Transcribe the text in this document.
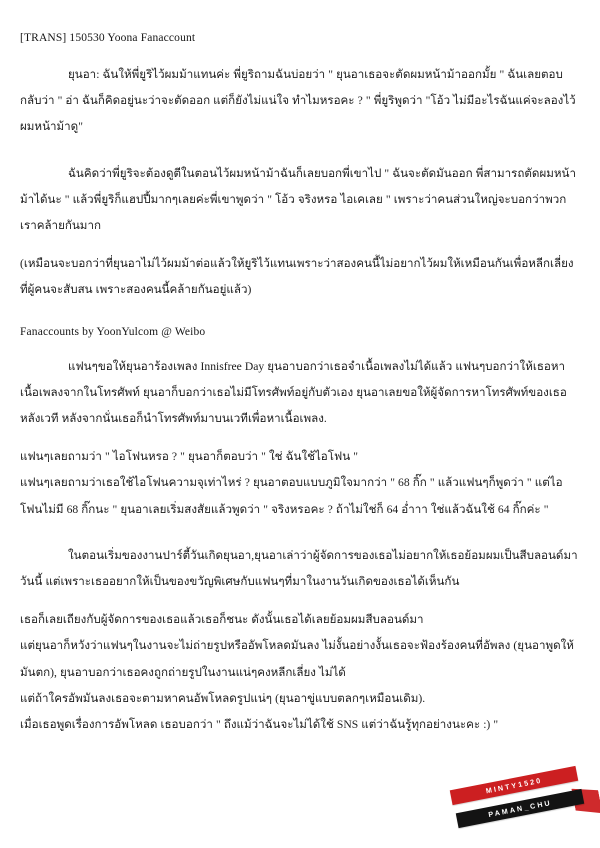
[TRANS] 150530 Yoona Fanaccount
ยุนอา: ฉันให้พี่ยูริไว้ผมม้าแทนค่ะ พี่ยูริถามฉันบ่อยว่า " ยุนอาเธอจะตัดผมหน้าม้าออกมั้ย " ฉันเลยตอบกลับว่า " อ่า ฉันก็คิดอยู่นะว่าจะตัดออก แต่ก็ยังไม่แน่ใจ ทำไมหรอคะ ? " พี่ยูริพูดว่า "โอ้ว ไม่มีอะไรฉันแค่จะลองไว้ผมหน้าม้าดู"
ฉันคิดว่าพี่ยูริจะต้องดูตีในตอนไว้ผมหน้าม้าฉันก็เลยบอกพี่เขาไป " ฉันจะตัดมันออก พี่สามารถตัดผมหน้าม้าได้นะ " แล้วพี่ยูริก็แฮปปี้มากๆเลยค่ะพี่เขาพูดว่า " โอ้ว จริงหรอ ไอเคเลย " เพราะว่าคนส่วนใหญ่จะบอกว่าพวกเราคล้ายกันมาก
(เหมือนจะบอกว่าที่ยุนอาไม่ไว้ผมม้าต่อแล้วให้ยูริไว้แทนเพราะว่าสองคนนี้ไม่อยากไว้ผมให้เหมือนกันเพื่อหลีกเลี่ยงที่ผู้คนจะสับสน เพราะสองคนนี้คล้ายกันอยู่แล้ว)
Fanaccounts by YoonYulcom @ Weibo
แฟนๆขอให้ยุนอาร้องเพลง Innisfree Day ยุนอาบอกว่าเธอจำเนื้อเพลงไม่ได้แล้ว แฟนๆบอกว่าให้เธอหาเนื้อเพลงจากในโทรศัพท์ ยุนอาก็บอกว่าเธอไม่มีโทรศัพท์อยู่กับตัวเอง ยุนอาเลยขอให้ผู้จัดการหาโทรศัพท์ของเธอหลังเวที หลังจากนั่นเธอก็นำโทรศัพท์มาบนเวทีเพื่อหาเนื้อเพลง.
แฟนๆเลยถามว่า " ไอโฟนหรอ ? " ยุนอาก็ตอบว่า " ใช่ ฉันใช้ไอโฟน "
แฟนๆเลยถามว่าเธอใช้ไอโฟนความจุเท่าไหร่ ? ยุนอาตอบแบบภูมิใจมากว่า " 68 กิ๊ก " แล้วแฟนๆก็พูดว่า " แต่ไอโฟนไม่มี 68 กิ๊กนะ " ยุนอาเลยเริ่มสงสัยแล้วพูดว่า " จริงหรอคะ ? ถ้าไม่ใช่ก็ 64 อ่ำาา ใช่แล้วฉันใช้ 64 กิ๊กค่ะ "
ในตอนเริ่มของงานปาร์ตี้วันเกิดยุนอา,ยุนอาเล่าว่าผู้จัดการของเธอไม่อยากให้เธอย้อมผมเป็นสีบลอนด์มาวันนี้ แต่เพราะเธออยากให้เป็นของขวัญพิเศษกับแฟนๆที่มาในงานวันเกิดของเธอได้เห็นกัน
เธอก็เลยเถียงกับผู้จัดการของเธอแล้วเธอก็ชนะ ดังนั้นเธอได้เลยย้อมผมสีบลอนด์มา
แต่ยุนอาก็หวังว่าแฟนๆในงานจะไม่ถ่ายรูปหรืออัพโหลดมันลง ไม่งั้นอย่างงั้นเธอจะฟ้องร้องคนที่อัพลง (ยุนอาพูดให้มันตก), ยุนอาบอกว่าเธอคงถูกถ่ายรูปในงานแน่ๆคงหลีกเลี่ยง ไม่ได้
แต่ถ้าใครอัพมันลงเธอจะตามหาคนอัพโหลดรูปแน่ๆ (ยุนอาขู่แบบตลกๆเหมือนเดิม).
เมื่อเธอพูดเรื่องการอัพโหลด เธอบอกว่า " ถึงแม้ว่าฉันจะไม่ได้ใช้ SNS แต่ว่าฉันรู้ทุกอย่างนะคะ :) "
MINTY1520
PAMAN_CHU
